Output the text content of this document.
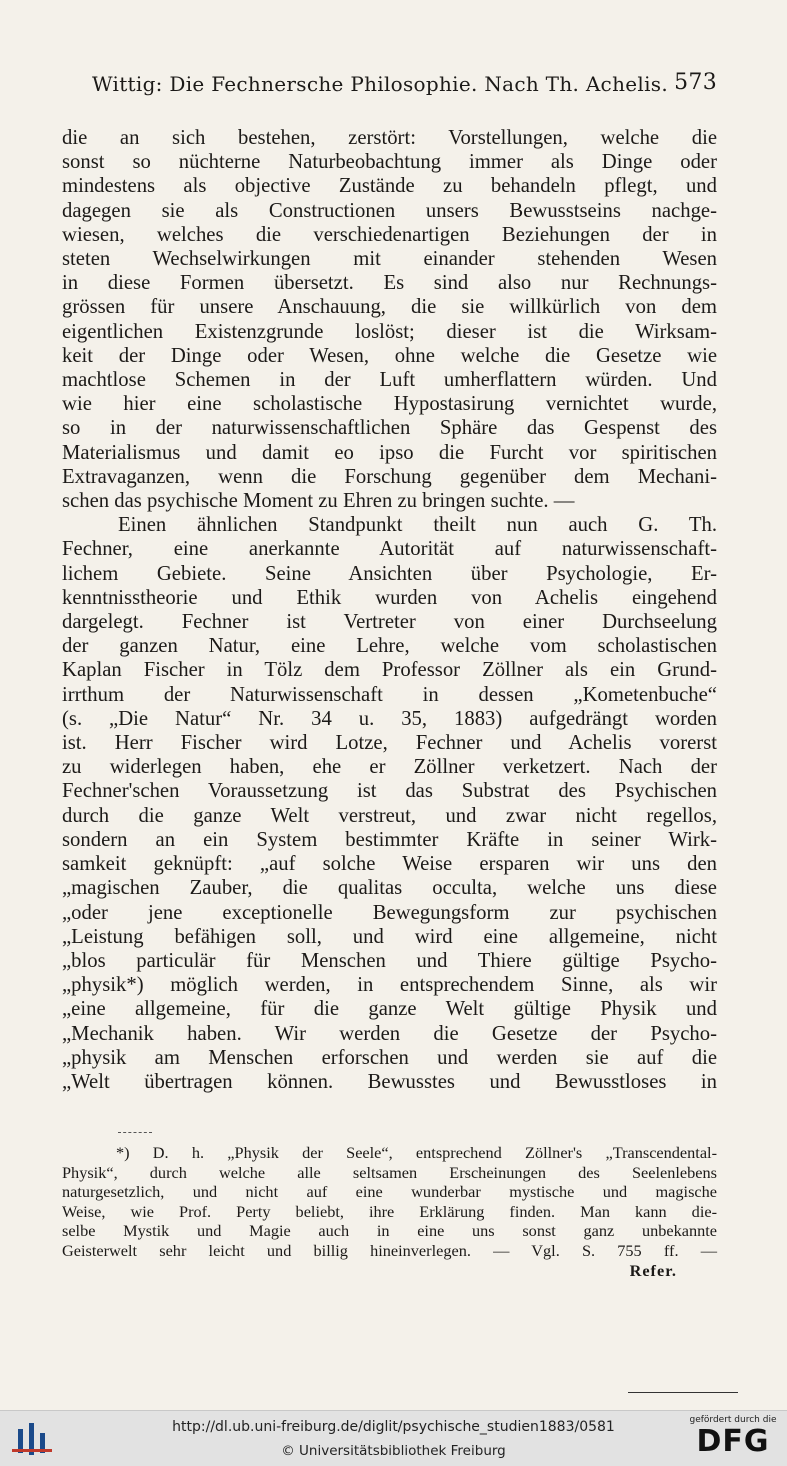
Wittig: Die Fechnersche Philosophie. Nach Th. Achelis. 573
die an sich bestehen, zerstört: Vorstellungen, welche die
sonst so nüchterne Naturbeobachtung immer als Dinge oder
mindestens als objective Zustände zu behandeln pflegt, und
dagegen sie als Constructionen unsers Bewusstseins nachge-
wiesen, welches die verschiedenartigen Beziehungen der in
steten Wechselwirkungen mit einander stehenden Wesen
in diese Formen übersetzt. Es sind also nur Rechnungs-
grössen für unsere Anschauung, die sie willkürlich von dem
eigentlichen Existenzgrunde loslöst; dieser ist die Wirksam-
keit der Dinge oder Wesen, ohne welche die Gesetze wie
machtlose Schemen in der Luft umherflattern würden. Und
wie hier eine scholastische Hypostasirung vernichtet wurde,
so in der naturwissenschaftlichen Sphäre das Gespenst des
Materialismus und damit eo ipso die Furcht vor spiritischen
Extravaganzen, wenn die Forschung gegenüber dem Mechani-
schen das psychische Moment zu Ehren zu bringen suchte. —
Einen ähnlichen Standpunkt theilt nun auch G. Th.
Fechner, eine anerkannte Autorität auf naturwissenschaft-
lichem Gebiete. Seine Ansichten über Psychologie, Er-
kenntnisstheorie und Ethik wurden von Achelis eingehend
dargelegt. Fechner ist Vertreter von einer Durchseelung
der ganzen Natur, eine Lehre, welche vom scholastischen
Kaplan Fischer in Tölz dem Professor Zöllner als ein Grund-
irrthum der Naturwissenschaft in dessen „Kometenbuche“
(s. „Die Natur“ Nr. 34 u. 35, 1883) aufgedrängt worden
ist. Herr Fischer wird Lotze, Fechner und Achelis vorerst
zu widerlegen haben, ehe er Zöllner verketzert. Nach der
Fechner'schen Voraussetzung ist das Substrat des Psychischen
durch die ganze Welt verstreut, und zwar nicht regellos,
sondern an ein System bestimmter Kräfte in seiner Wirk-
samkeit geknüpft: „auf solche Weise ersparen wir uns den
„magischen Zauber, die qualitas occulta, welche uns diese
„oder jene exceptionelle Bewegungsform zur psychischen
„Leistung befähigen soll, und wird eine allgemeine, nicht
„blos particulär für Menschen und Thiere gültige Psycho-
„physik*) möglich werden, in entsprechendem Sinne, als wir
„eine allgemeine, für die ganze Welt gültige Physik und
„Mechanik haben. Wir werden die Gesetze der Psycho-
„physik am Menschen erforschen und werden sie auf die
„Welt übertragen können. Bewusstes und Bewusstloses in
*) D. h. „Physik der Seele“, entsprechend Zöllner's „Transcendental-
Physik“, durch welche alle seltsamen Erscheinungen des Seelenlebens
naturgesetzlich, und nicht auf eine wunderbar mystische und magische
Weise, wie Prof. Perty beliebt, ihre Erklärung finden. Man kann die-
selbe Mystik und Magie auch in eine uns sonst ganz unbekannte
Geisterwelt sehr leicht und billig hineinverlegen. — Vgl. S. 755 ff. —
Refer.
http://dl.ub.uni-freiburg.de/diglit/psychische_studien1883/0581
© Universitätsbibliothek Freiburg
gefördert durch die
DFG
